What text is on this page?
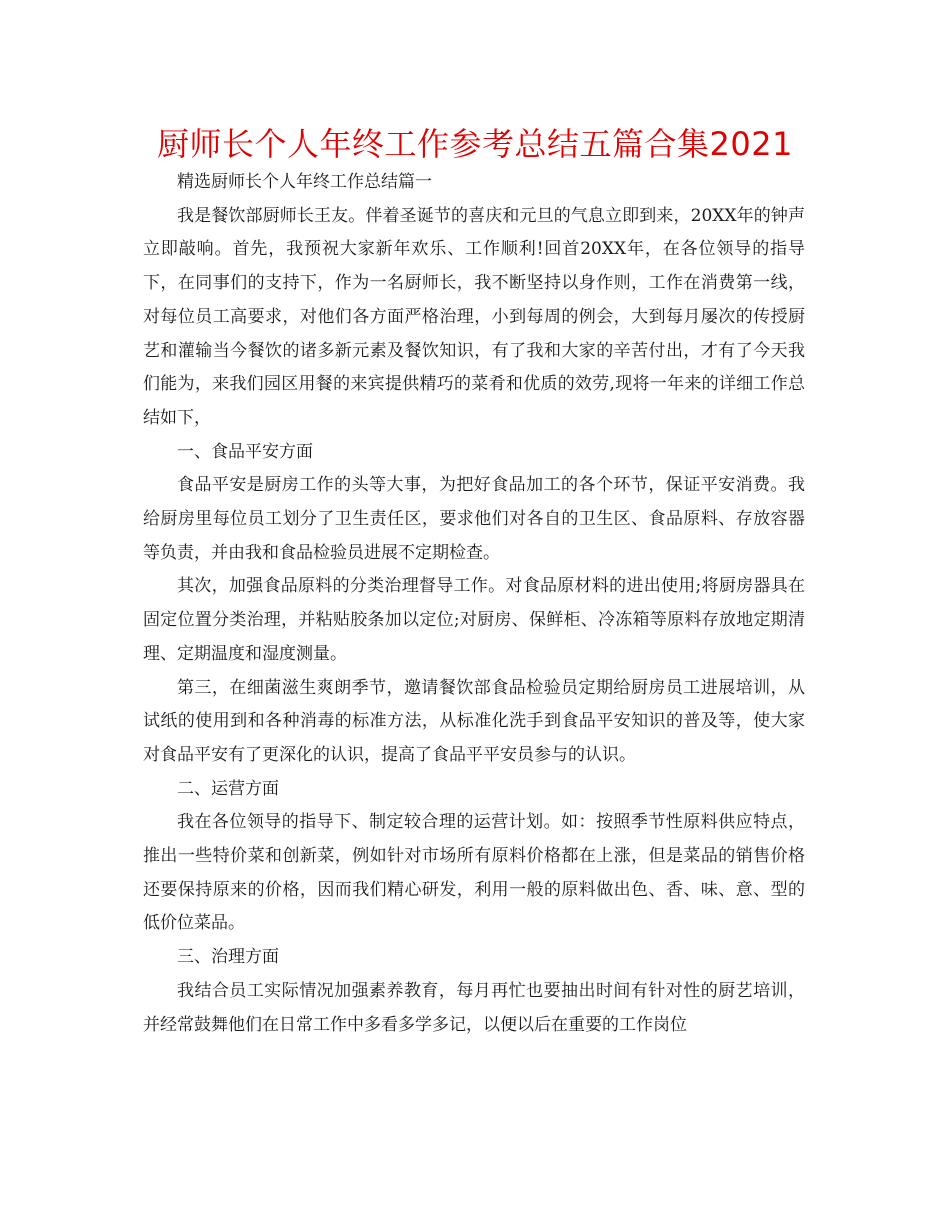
厨师长个人年终工作参考总结五篇合集2021

精选厨师长个人年终工作总结篇一

我是餐饮部厨师长王友。伴着圣诞节的喜庆和元旦的气息立即到来，20XX年的钟声立即敲响。首先，我预祝大家新年欢乐、工作顺利!回首20XX年，在各位领导的指导下，在同事们的支持下，作为一名厨师长，我不断坚持以身作则，工作在消费第一线，对每位员工高要求，对他们各方面严格治理，小到每周的例会，大到每月屡次的传授厨艺和灌输当今餐饮的诸多新元素及餐饮知识，有了我和大家的辛苦付出，才有了今天我们能为，来我们园区用餐的来宾提供精巧的菜肴和优质的效劳,现将一年来的详细工作总结如下，

一、食品平安方面

食品平安是厨房工作的头等大事，为把好食品加工的各个环节，保证平安消费。我给厨房里每位员工划分了卫生责任区，要求他们对各自的卫生区、食品原料、存放容器等负责，并由我和食品检验员进展不定期检查。

其次，加强食品原料的分类治理督导工作。对食品原材料的进出使用;将厨房器具在固定位置分类治理，并粘贴胶条加以定位;对厨房、保鲜柜、冷冻箱等原料存放地定期清理、定期温度和湿度测量。

第三，在细菌滋生爽朗季节，邀请餐饮部食品检验员定期给厨房员工进展培训，从试纸的使用到和各种消毒的标准方法，从标准化洗手到食品平安知识的普及等，使大家对食品平安有了更深化的认识，提高了食品平平安员参与的认识。

二、运营方面

我在各位领导的指导下、制定较合理的运营计划。如：按照季节性原料供应特点，推出一些特价菜和创新菜，例如针对市场所有原料价格都在上涨，但是菜品的销售价格还要保持原来的价格，因而我们精心研发，利用一般的原料做出色、香、味、意、型的低价位菜品。

三、治理方面

我结合员工实际情况加强素养教育，每月再忙也要抽出时间有针对性的厨艺培训，并经常鼓舞他们在日常工作中多看多学多记，以便以后在重要的工作岗位
